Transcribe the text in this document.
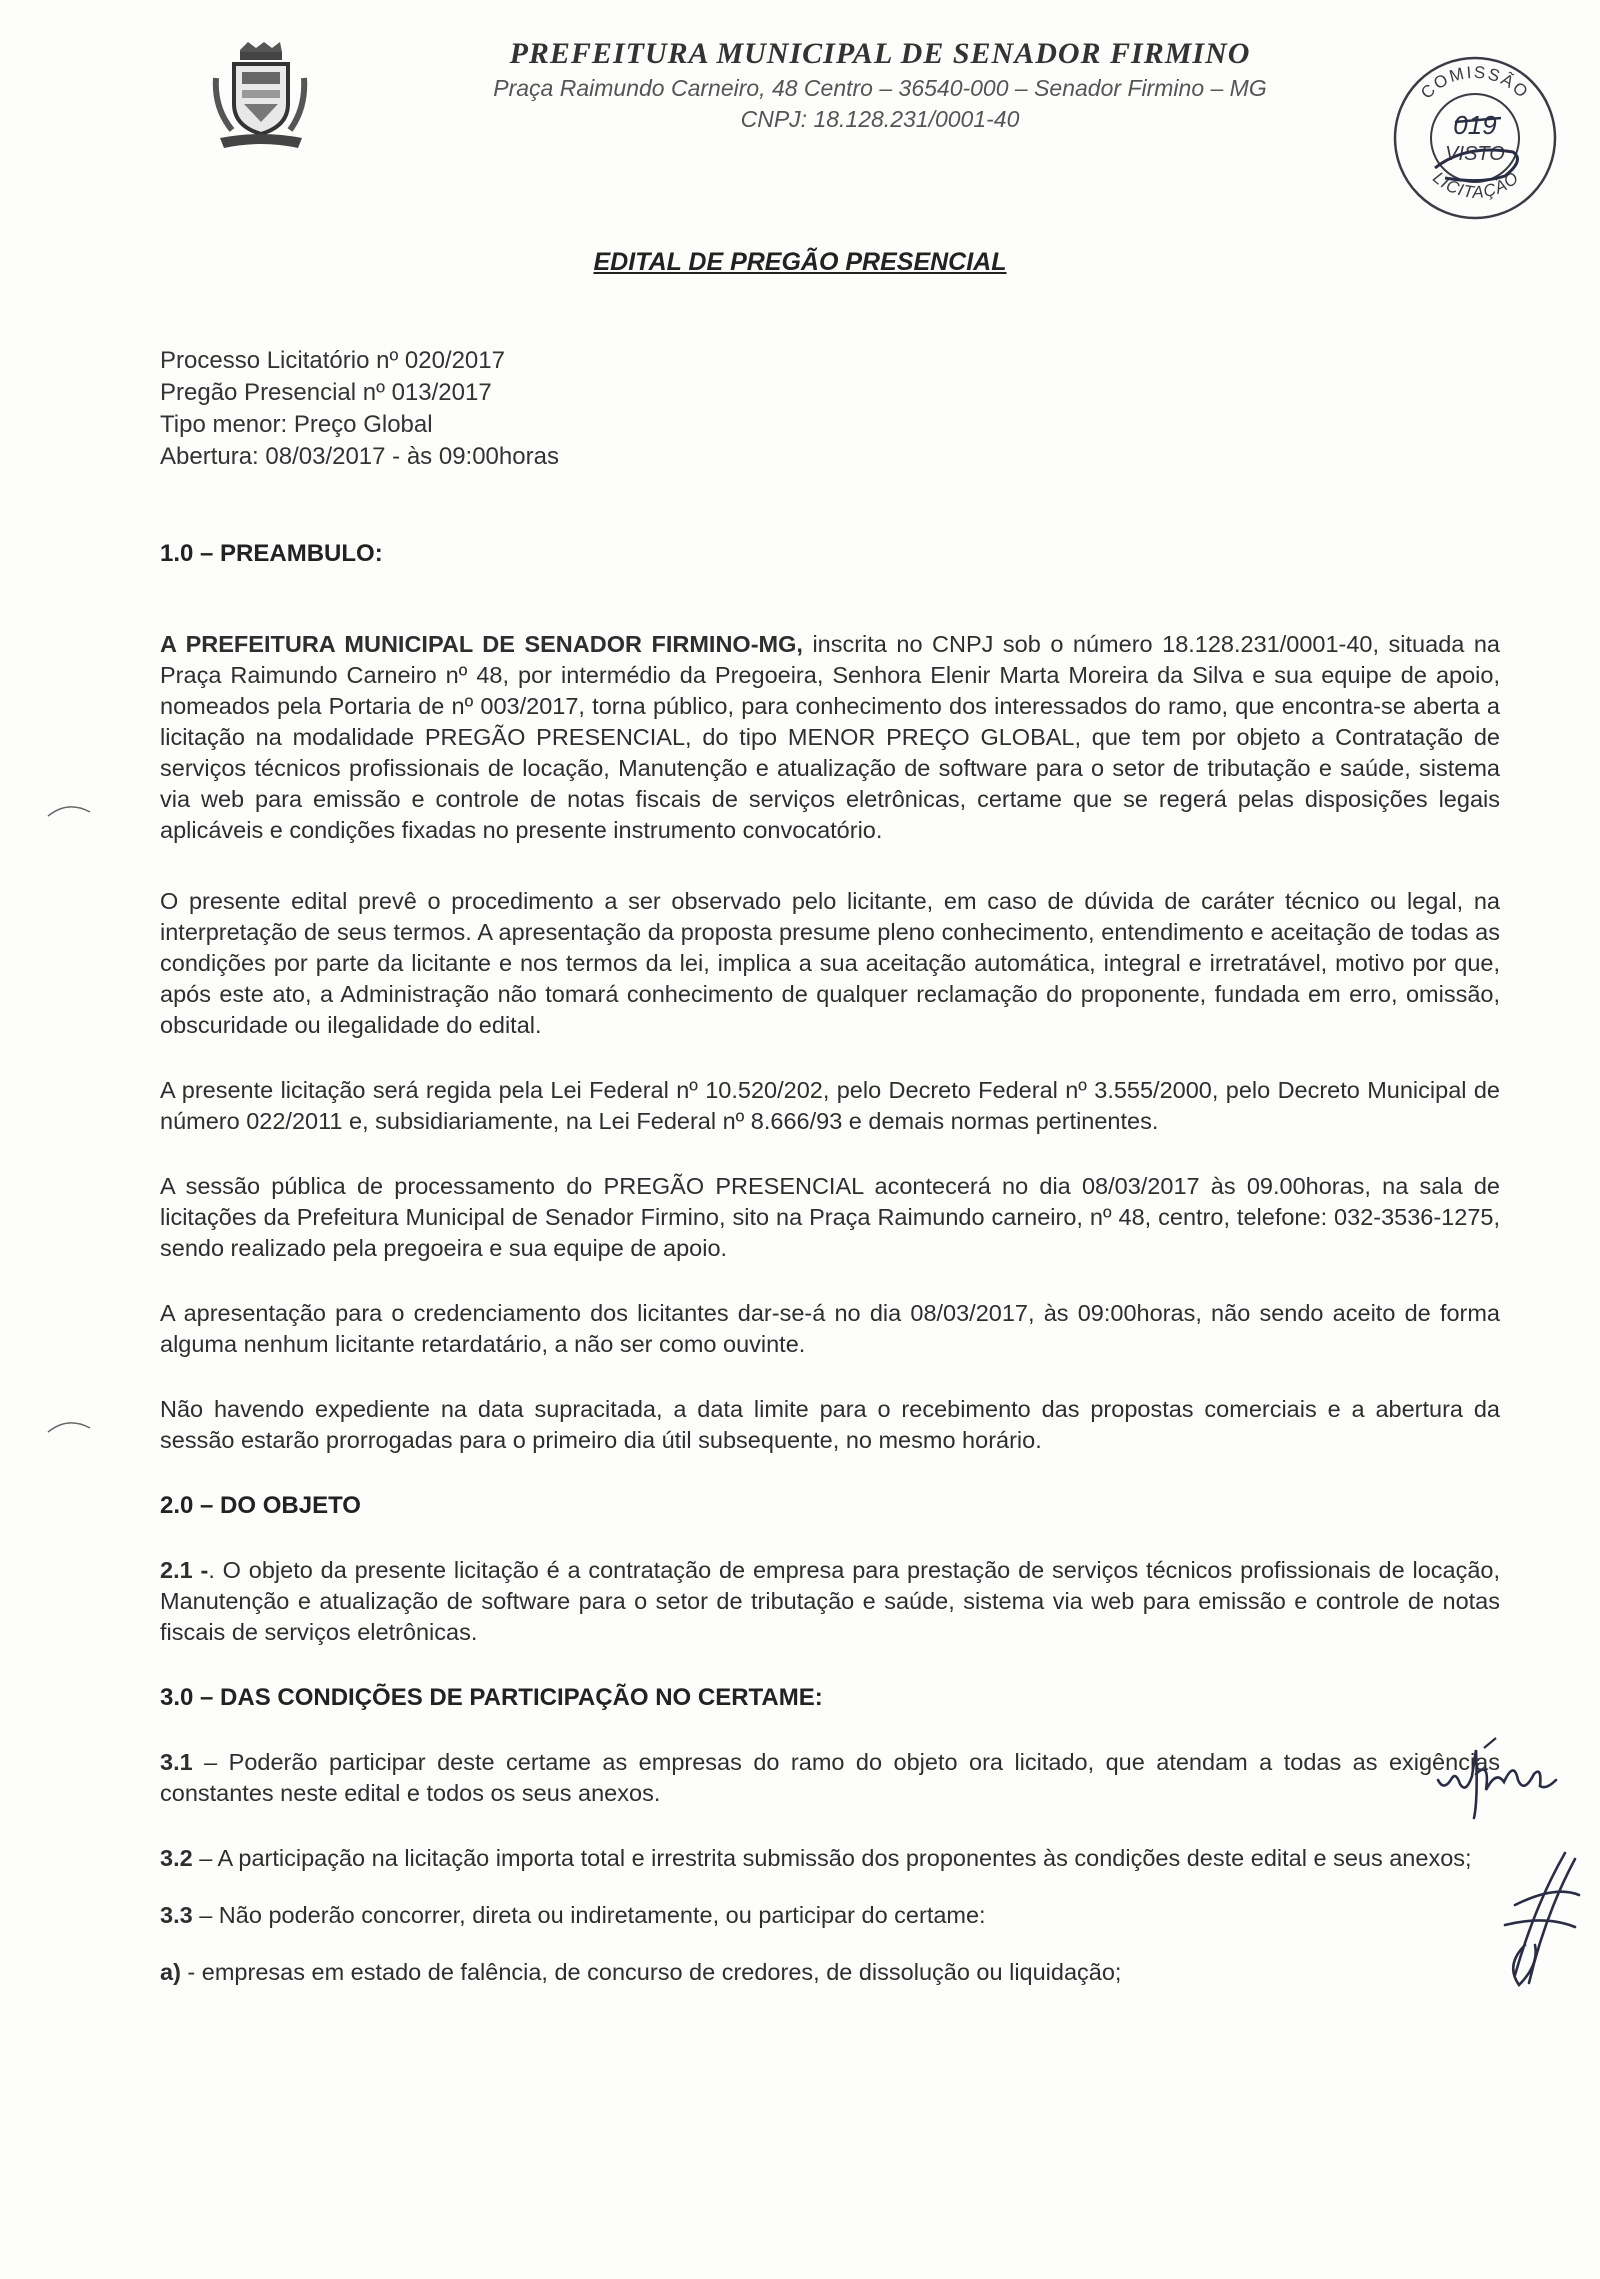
PREFEITURA MUNICIPAL DE SENADOR FIRMINO
Praça Raimundo Carneiro, 48 Centro – 36540-000 – Senador Firmino – MG
CNPJ: 18.128.231/0001-40
COMISSÃO
LICITAÇÃO
019
VISTO
EDITAL DE PREGÃO PRESENCIAL
Processo Licitatório nº 020/2017
Pregão Presencial nº 013/2017
Tipo menor: Preço Global
Abertura: 08/03/2017 - às 09:00horas

1.0 – PREAMBULO:

A PREFEITURA MUNICIPAL DE SENADOR FIRMINO-MG, inscrita no CNPJ sob o número 18.128.231/0001-40, situada na Praça Raimundo Carneiro nº 48, por intermédio da Pregoeira, Senhora Elenir Marta Moreira da Silva e sua equipe de apoio, nomeados pela Portaria de nº 003/2017, torna público, para conhecimento dos interessados do ramo, que encontra-se aberta a licitação na modalidade PREGÃO PRESENCIAL, do tipo MENOR PREÇO GLOBAL, que tem por objeto a Contratação de serviços técnicos profissionais de locação, Manutenção e atualização de software para o setor de tributação e saúde, sistema via web para emissão e controle de notas fiscais de serviços eletrônicas, certame que se regerá pelas disposições legais aplicáveis e condições fixadas no presente instrumento convocatório.

O presente edital prevê o procedimento a ser observado pelo licitante, em caso de dúvida de caráter técnico ou legal, na interpretação de seus termos. A apresentação da proposta presume pleno conhecimento, entendimento e aceitação de todas as condições por parte da licitante e nos termos da lei, implica a sua aceitação automática, integral e irretratável, motivo por que, após este ato, a Administração não tomará conhecimento de qualquer reclamação do proponente, fundada em erro, omissão, obscuridade ou ilegalidade do edital.

A presente licitação será regida pela Lei Federal nº 10.520/202, pelo Decreto Federal nº 3.555/2000, pelo Decreto Municipal de número 022/2011 e, subsidiariamente, na Lei Federal nº 8.666/93 e demais normas pertinentes.

A sessão pública de processamento do PREGÃO PRESENCIAL acontecerá no dia 08/03/2017 às 09.00horas, na sala de licitações da Prefeitura Municipal de Senador Firmino, sito na Praça Raimundo carneiro, nº 48, centro, telefone: 032-3536-1275, sendo realizado pela pregoeira e sua equipe de apoio.

A apresentação para o credenciamento dos licitantes dar-se-á no dia 08/03/2017, às 09:00horas, não sendo aceito de forma alguma nenhum licitante retardatário, a não ser como ouvinte.

Não havendo expediente na data supracitada, a data limite para o recebimento das propostas comerciais e a abertura da sessão estarão prorrogadas para o primeiro dia útil subsequente, no mesmo horário.

2.0 – DO OBJETO

2.1 -. O objeto da presente licitação é a contratação de empresa para prestação de serviços técnicos profissionais de locação, Manutenção e atualização de software para o setor de tributação e saúde, sistema via web para emissão e controle de notas fiscais de serviços eletrônicas.

3.0 – DAS CONDIÇÕES DE PARTICIPAÇÃO NO CERTAME:

3.1 – Poderão participar deste certame as empresas do ramo do objeto ora licitado, que atendam a todas as exigências constantes neste edital e todos os seus anexos.

3.2 – A participação na licitação importa total e irrestrita submissão dos proponentes às condições deste edital e seus anexos;

3.3 – Não poderão concorrer, direta ou indiretamente, ou participar do certame:

a) - empresas em estado de falência, de concurso de credores, de dissolução ou liquidação;
